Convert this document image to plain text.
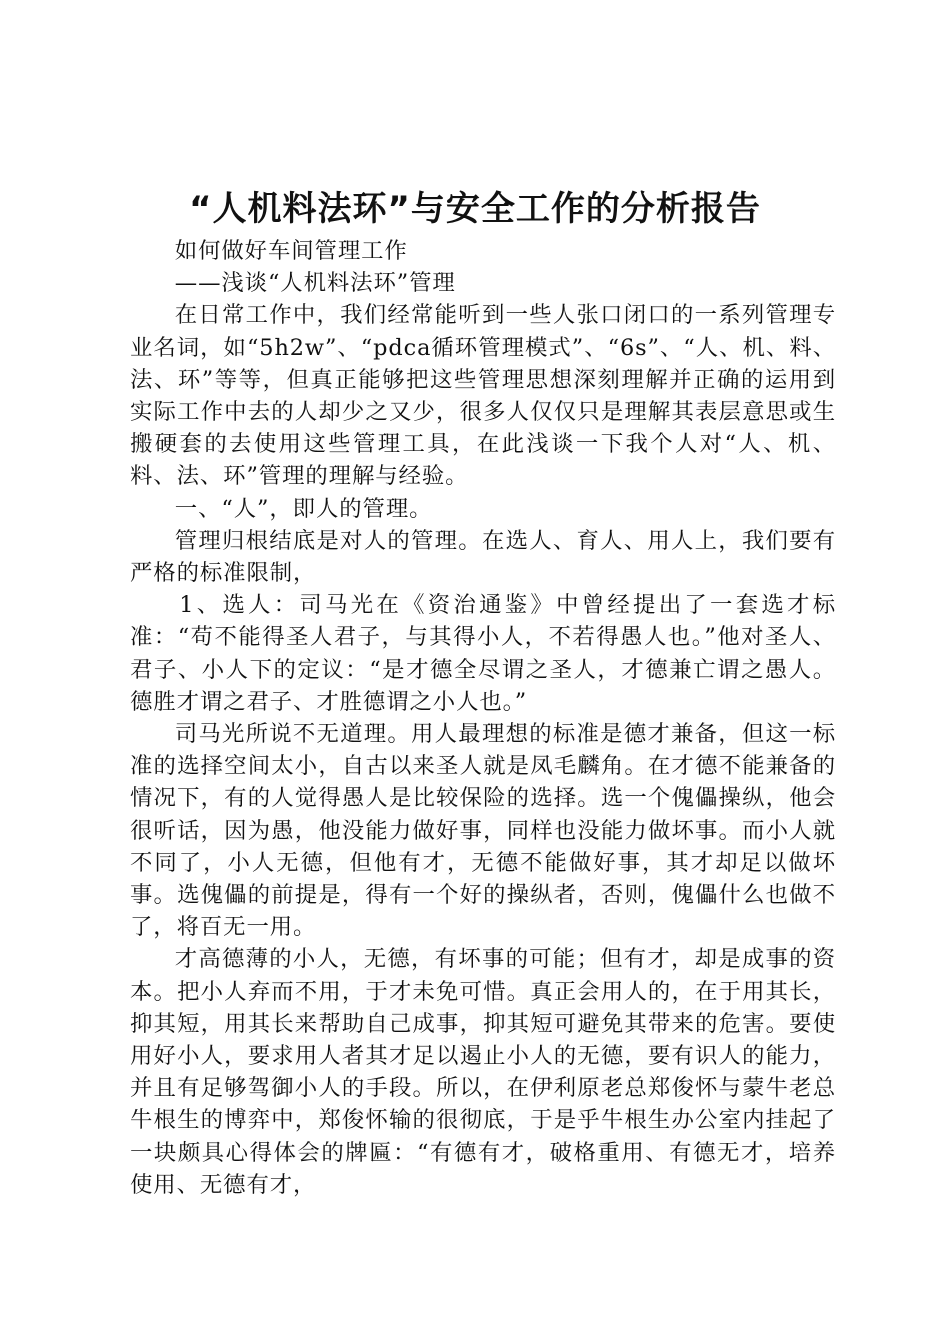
“人机料法环”与安全工作的分析报告

如何做好车间管理工作

——浅谈“人机料法环”管理

在日常工作中，我们经常能听到一些人张口闭口的一系列管理专业名词，如“5h2w”、“pdca循环管理模式”、“6s”、“人、机、料、法、环”等等，但真正能够把这些管理思想深刻理解并正确的运用到实际工作中去的人却少之又少，很多人仅仅只是理解其表层意思或生搬硬套的去使用这些管理工具，在此浅谈一下我个人对“人、机、料、法、环”管理的理解与经验。

一、“人”，即人的管理。

管理归根结底是对人的管理。在选人、育人、用人上，我们要有严格的标准限制，

1、选人：司马光在《资治通鉴》中曾经提出了一套选才标准：“苟不能得圣人君子，与其得小人，不若得愚人也。”他对圣人、君子、小人下的定议：“是才德全尽谓之圣人，才德兼亡谓之愚人。德胜才谓之君子、才胜德谓之小人也。”

司马光所说不无道理。用人最理想的标准是德才兼备，但这一标准的选择空间太小，自古以来圣人就是凤毛麟角。在才德不能兼备的情况下，有的人觉得愚人是比较保险的选择。选一个傀儡操纵，他会很听话，因为愚，他没能力做好事，同样也没能力做坏事。而小人就不同了，小人无德，但他有才，无德不能做好事，其才却足以做坏事。选傀儡的前提是，得有一个好的操纵者，否则，傀儡什么也做不了，将百无一用。

才高德薄的小人，无德，有坏事的可能；但有才，却是成事的资本。把小人弃而不用，于才未免可惜。真正会用人的，在于用其长，抑其短，用其长来帮助自己成事，抑其短可避免其带来的危害。要使用好小人，要求用人者其才足以遏止小人的无德，要有识人的能力，并且有足够驾御小人的手段。所以，在伊利原老总郑俊怀与蒙牛老总牛根生的博弈中，郑俊怀输的很彻底，于是乎牛根生办公室内挂起了一块颇具心得体会的牌匾：“有德有才，破格重用、有德无才，培养使用、无德有才，
